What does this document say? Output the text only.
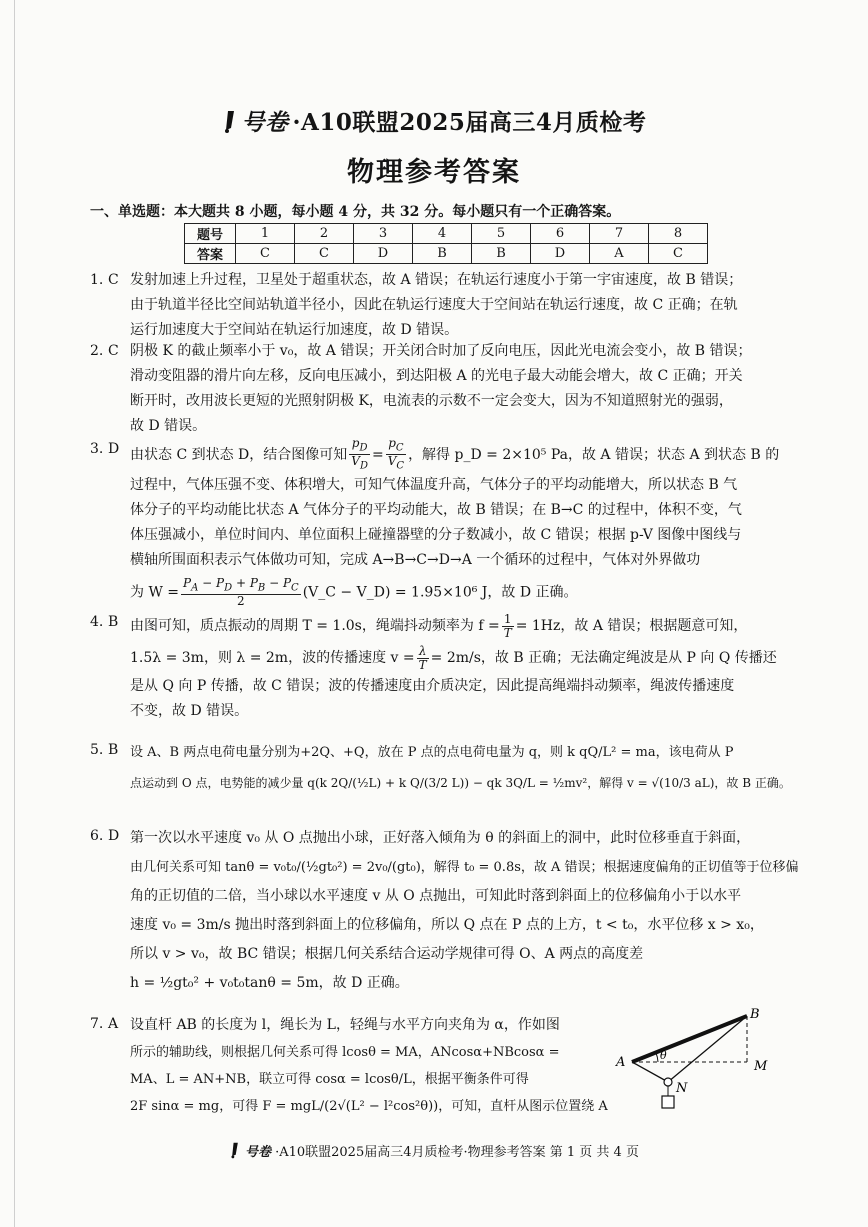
号卷 ·A10联盟2025届高三4月质检考
物理参考答案
一、单选题：本大题共 8 小题，每小题 4 分，共 32 分。每小题只有一个正确答案。
题号	1	2	3	4	5	6	7	8
答案	C	C	D	B	B	D	A	C
1. C 发射加速上升过程，卫星处于超重状态，故 A 错误；在轨运行速度小于第一宇宙速度，故 B 错误；
由于轨道半径比空间站轨道半径小，因此在轨运行速度大于空间站在轨运行速度，故 C 正确；在轨
运行加速度大于空间站在轨运行加速度，故 D 错误。
2. C 阴极 K 的截止频率小于 v₀，故 A 错误；开关闭合时加了反向电压，因此光电流会变小，故 B 错误；
滑动变阻器的滑片向左移，反向电压减小，到达阳极 A 的光电子最大动能会增大，故 C 正确；开关
断开时，改用波长更短的光照射阴极 K，电流表的示数不一定会变大，因为不知道照射光的强弱，
故 D 错误。
3. D 由状态 C 到状态 D，结合图像可知 $\frac{p_D}{V_D} = \frac{p_C}{V_C}$ ，解得 p_D = 2×10⁵ Pa，故 A 错误；状态 A 到状态 B 的
过程中，气体压强不变、体积增大，可知气体温度升高，气体分子的平均动能增大，所以状态 B 气
体分子的平均动能比状态 A 气体分子的平均动能大，故 B 错误；在 B→C 的过程中，体积不变，气
体压强减小，单位时间内、单位面积上碰撞器壁的分子数减小，故 C 错误；根据 p-V 图像中图线与
横轴所围面积表示气体做功可知，完成 A→B→C→D→A 一个循环的过程中，气体对外界做功
为 $W = \frac{P_A - P_D + P_B - P_C}{2}$ (V_C − V_D) = 1.95×10⁶ J，故 D 正确。
4. B 由图可知，质点振动的周期 T = 1.0s，绳端抖动频率为 $f = \frac{1}{T} = 1Hz$，故 A 错误；根据题意可知，
1.5λ = 3m，则 λ = 2m，波的传播速度 $v = \frac{\lambda}{T} = 2m/s$，故 B 正确；无法确定绳波是从 P 向 Q 传播还
是从 Q 向 P 传播，故 C 错误；波的传播速度由介质决定，因此提高绳端抖动频率，绳波传播速度
不变，故 D 错误。
5. B 设 A、B 两点电荷电量分别为+2Q、+Q，放在 P 点的点电荷电量为 q，则 k qQ/L² = ma，该电荷从 P
点运动到 O 点，电势能的减少量 q(k 2Q/(½L) + k Q/(3/2 L)) − qk 3Q/L = ½mv²，解得 v = √(10/3 aL)，故 B 正确。
6. D 第一次以水平速度 v₀ 从 O 点抛出小球，正好落入倾角为 θ 的斜面上的洞中，此时位移垂直于斜面，
由几何关系可知 tanθ = v₀t₀/(½gt₀²) = 2v₀/(gt₀)，解得 t₀ = 0.8s，故 A 错误；根据速度偏角的正切值等于位移偏
角的正切值的二倍，当小球以水平速度 v 从 O 点抛出，可知此时落到斜面上的位移偏角小于以水平
速度 v₀ = 3m/s 抛出时落到斜面上的位移偏角，所以 Q 点在 P 点的上方，t < t₀，水平位移 x > x₀，
所以 v > v₀，故 BC 错误；根据几何关系结合运动学规律可得 O、A 两点的高度差
h = ½gt₀² + v₀t₀tanθ = 5m，故 D 正确。
7. A 设直杆 AB 的长度为 l，绳长为 L，轻绳与水平方向夹角为 α，作如图
所示的辅助线，则根据几何关系可得 lcosθ = MA，ANcosα+NBcosα =
MA、L = AN+NB，联立可得 cosα = lcosθ/L，根据平衡条件可得
2F sinα = mg，可得 F = mgL/(2√(L² − l²cos²θ))，可知，直杆从图示位置绕 A
B
A	θ
M
N
号卷 ·A10联盟2025届高三4月质检考·物理参考答案 第 1 页 共 4 页
